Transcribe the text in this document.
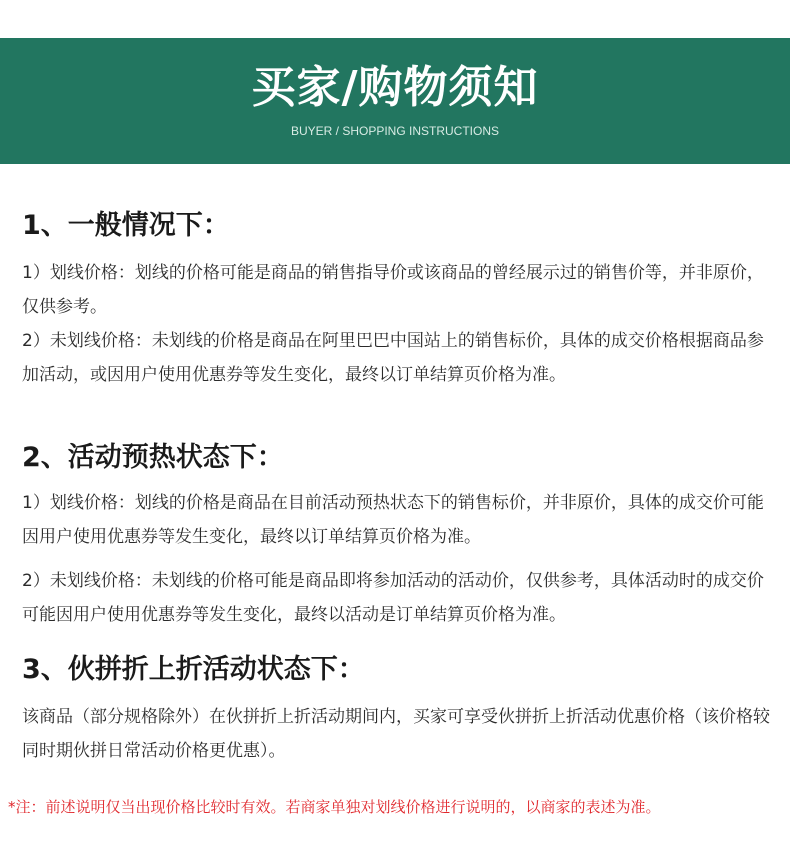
买家/购物须知
BUYER / SHOPPING INSTRUCTIONS
1、一般情况下：
1）划线价格：划线的价格可能是商品的销售指导价或该商品的曾经展示过的销售价等，并非原价，仅供参考。
2）未划线价格：未划线的价格是商品在阿里巴巴中国站上的销售标价，具体的成交价格根据商品参加活动，或因用户使用优惠券等发生变化，最终以订单结算页价格为准。
2、活动预热状态下：
1）划线价格：划线的价格是商品在目前活动预热状态下的销售标价，并非原价，具体的成交价可能因用户使用优惠券等发生变化，最终以订单结算页价格为准。
2）未划线价格：未划线的价格可能是商品即将参加活动的活动价，仅供参考，具体活动时的成交价可能因用户使用优惠券等发生变化，最终以活动是订单结算页价格为准。
3、伙拼折上折活动状态下：
该商品（部分规格除外）在伙拼折上折活动期间内，买家可享受伙拼折上折活动优惠价格（该价格较同时期伙拼日常活动价格更优惠）。
*注：前述说明仅当出现价格比较时有效。若商家单独对划线价格进行说明的，以商家的表述为准。
